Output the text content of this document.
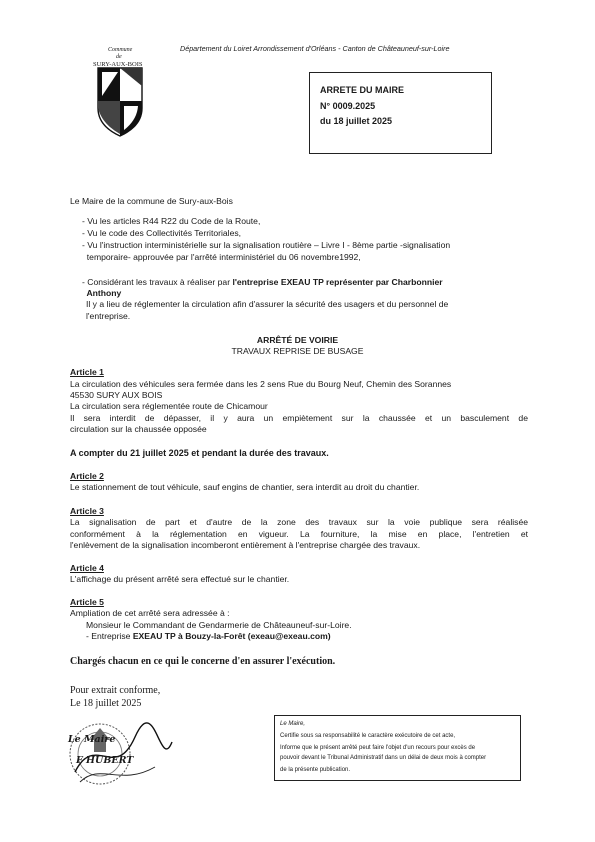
Commune
de
SURY-AUX-BOIS
Département du Loiret Arrondissement d'Orléans - Canton de Châteauneuf-sur-Loire
ARRETE DU MAIRE
N° 0009.2025
du 18 juillet 2025
Le Maire de la commune de Sury-aux-Bois
- Vu les articles R44 R22 du Code de la Route,
- Vu le code des Collectivités Territoriales,
- Vu l'instruction interministérielle sur la signalisation routière – Livre I - 8ème partie -signalisation
temporaire- approuvée par l'arrêté interministériel du 06 novembre1992,
- Considérant les travaux à réaliser par l'entreprise EXEAU TP représenter par Charbonnier
Anthony
Il y a lieu de réglementer la circulation afin d'assurer la sécurité des usagers et du personnel de
l'entreprise.
ARRÊTÉ DE VOIRIE
TRAVAUX REPRISE DE BUSAGE
Article 1
La circulation des véhicules sera fermée dans les 2 sens Rue du Bourg Neuf, Chemin des Sorannes
45530 SURY AUX BOIS
La circulation sera réglementée route de Chicamour
Il sera interdit de dépasser, il y aura un empiètement sur la chaussée et un basculement de
circulation sur la chaussée opposée
A compter du 21 juillet 2025 et pendant la durée des travaux.
Article 2
Le stationnement de tout véhicule, sauf engins de chantier, sera interdit au droit du chantier.
Article 3
La signalisation de part et d'autre de la zone des travaux sur la voie publique sera réalisée
conformément à la réglementation en vigueur. La fourniture, la mise en place, l'entretien et
l'enlèvement de la signalisation incomberont entièrement à l'entreprise chargée des travaux.
Article 4
L'affichage du présent arrêté sera effectué sur le chantier.
Article 5
Ampliation de cet arrêté sera adressée à :
Monsieur le Commandant de Gendarmerie de Châteauneuf-sur-Loire.
- Entreprise EXEAU TP à Bouzy-la-Forêt (exeau@exeau.com)
Chargés chacun en ce qui le concerne d'en assurer l'exécution.
Pour extrait conforme,
Le 18 juillet 2025
Le Maire
F HUBERT
Le Maire,
Certifie sous sa responsabilité le caractère exécutoire de cet acte,
Informe que le présent arrêté peut faire l'objet d'un recours pour excès de
pouvoir devant le Tribunal Administratif dans un délai de deux mois à compter
de la présente publication.
